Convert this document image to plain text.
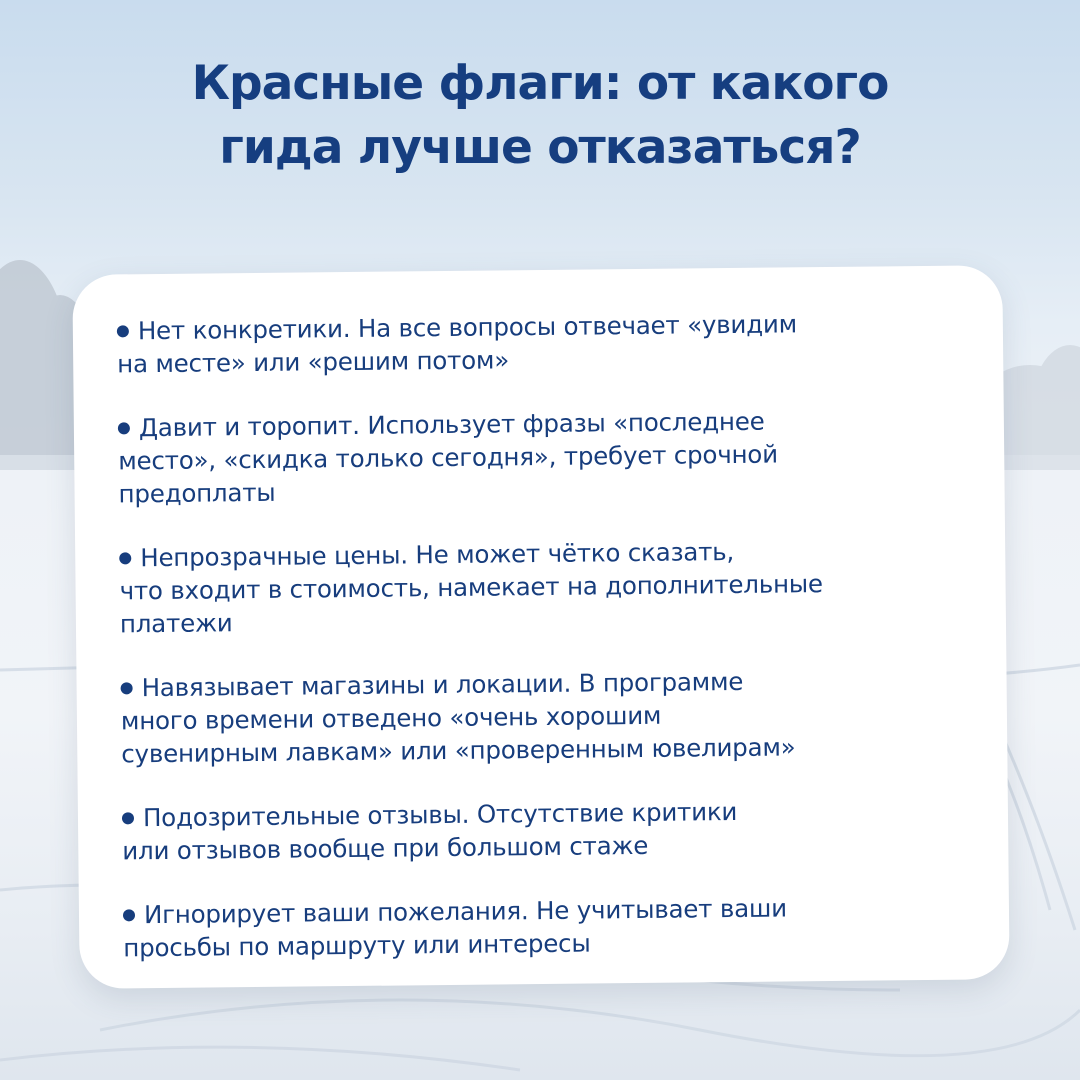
Красные флаги: от какого
гида лучше отказаться?
Нет конкретики. На все вопросы отвечает «увидим
на месте» или «решим потом»
Давит и торопит. Использует фразы «последнее
место», «скидка только сегодня», требует срочной
предоплаты
Непрозрачные цены. Не может чётко сказать,
что входит в стоимость, намекает на дополнительные
платежи
Навязывает магазины и локации. В программе
много времени отведено «очень хорошим
сувенирным лавкам» или «проверенным ювелирам»
Подозрительные отзывы. Отсутствие критики
или отзывов вообще при большом стаже
Игнорирует ваши пожелания. Не учитывает ваши
просьбы по маршруту или интересы
